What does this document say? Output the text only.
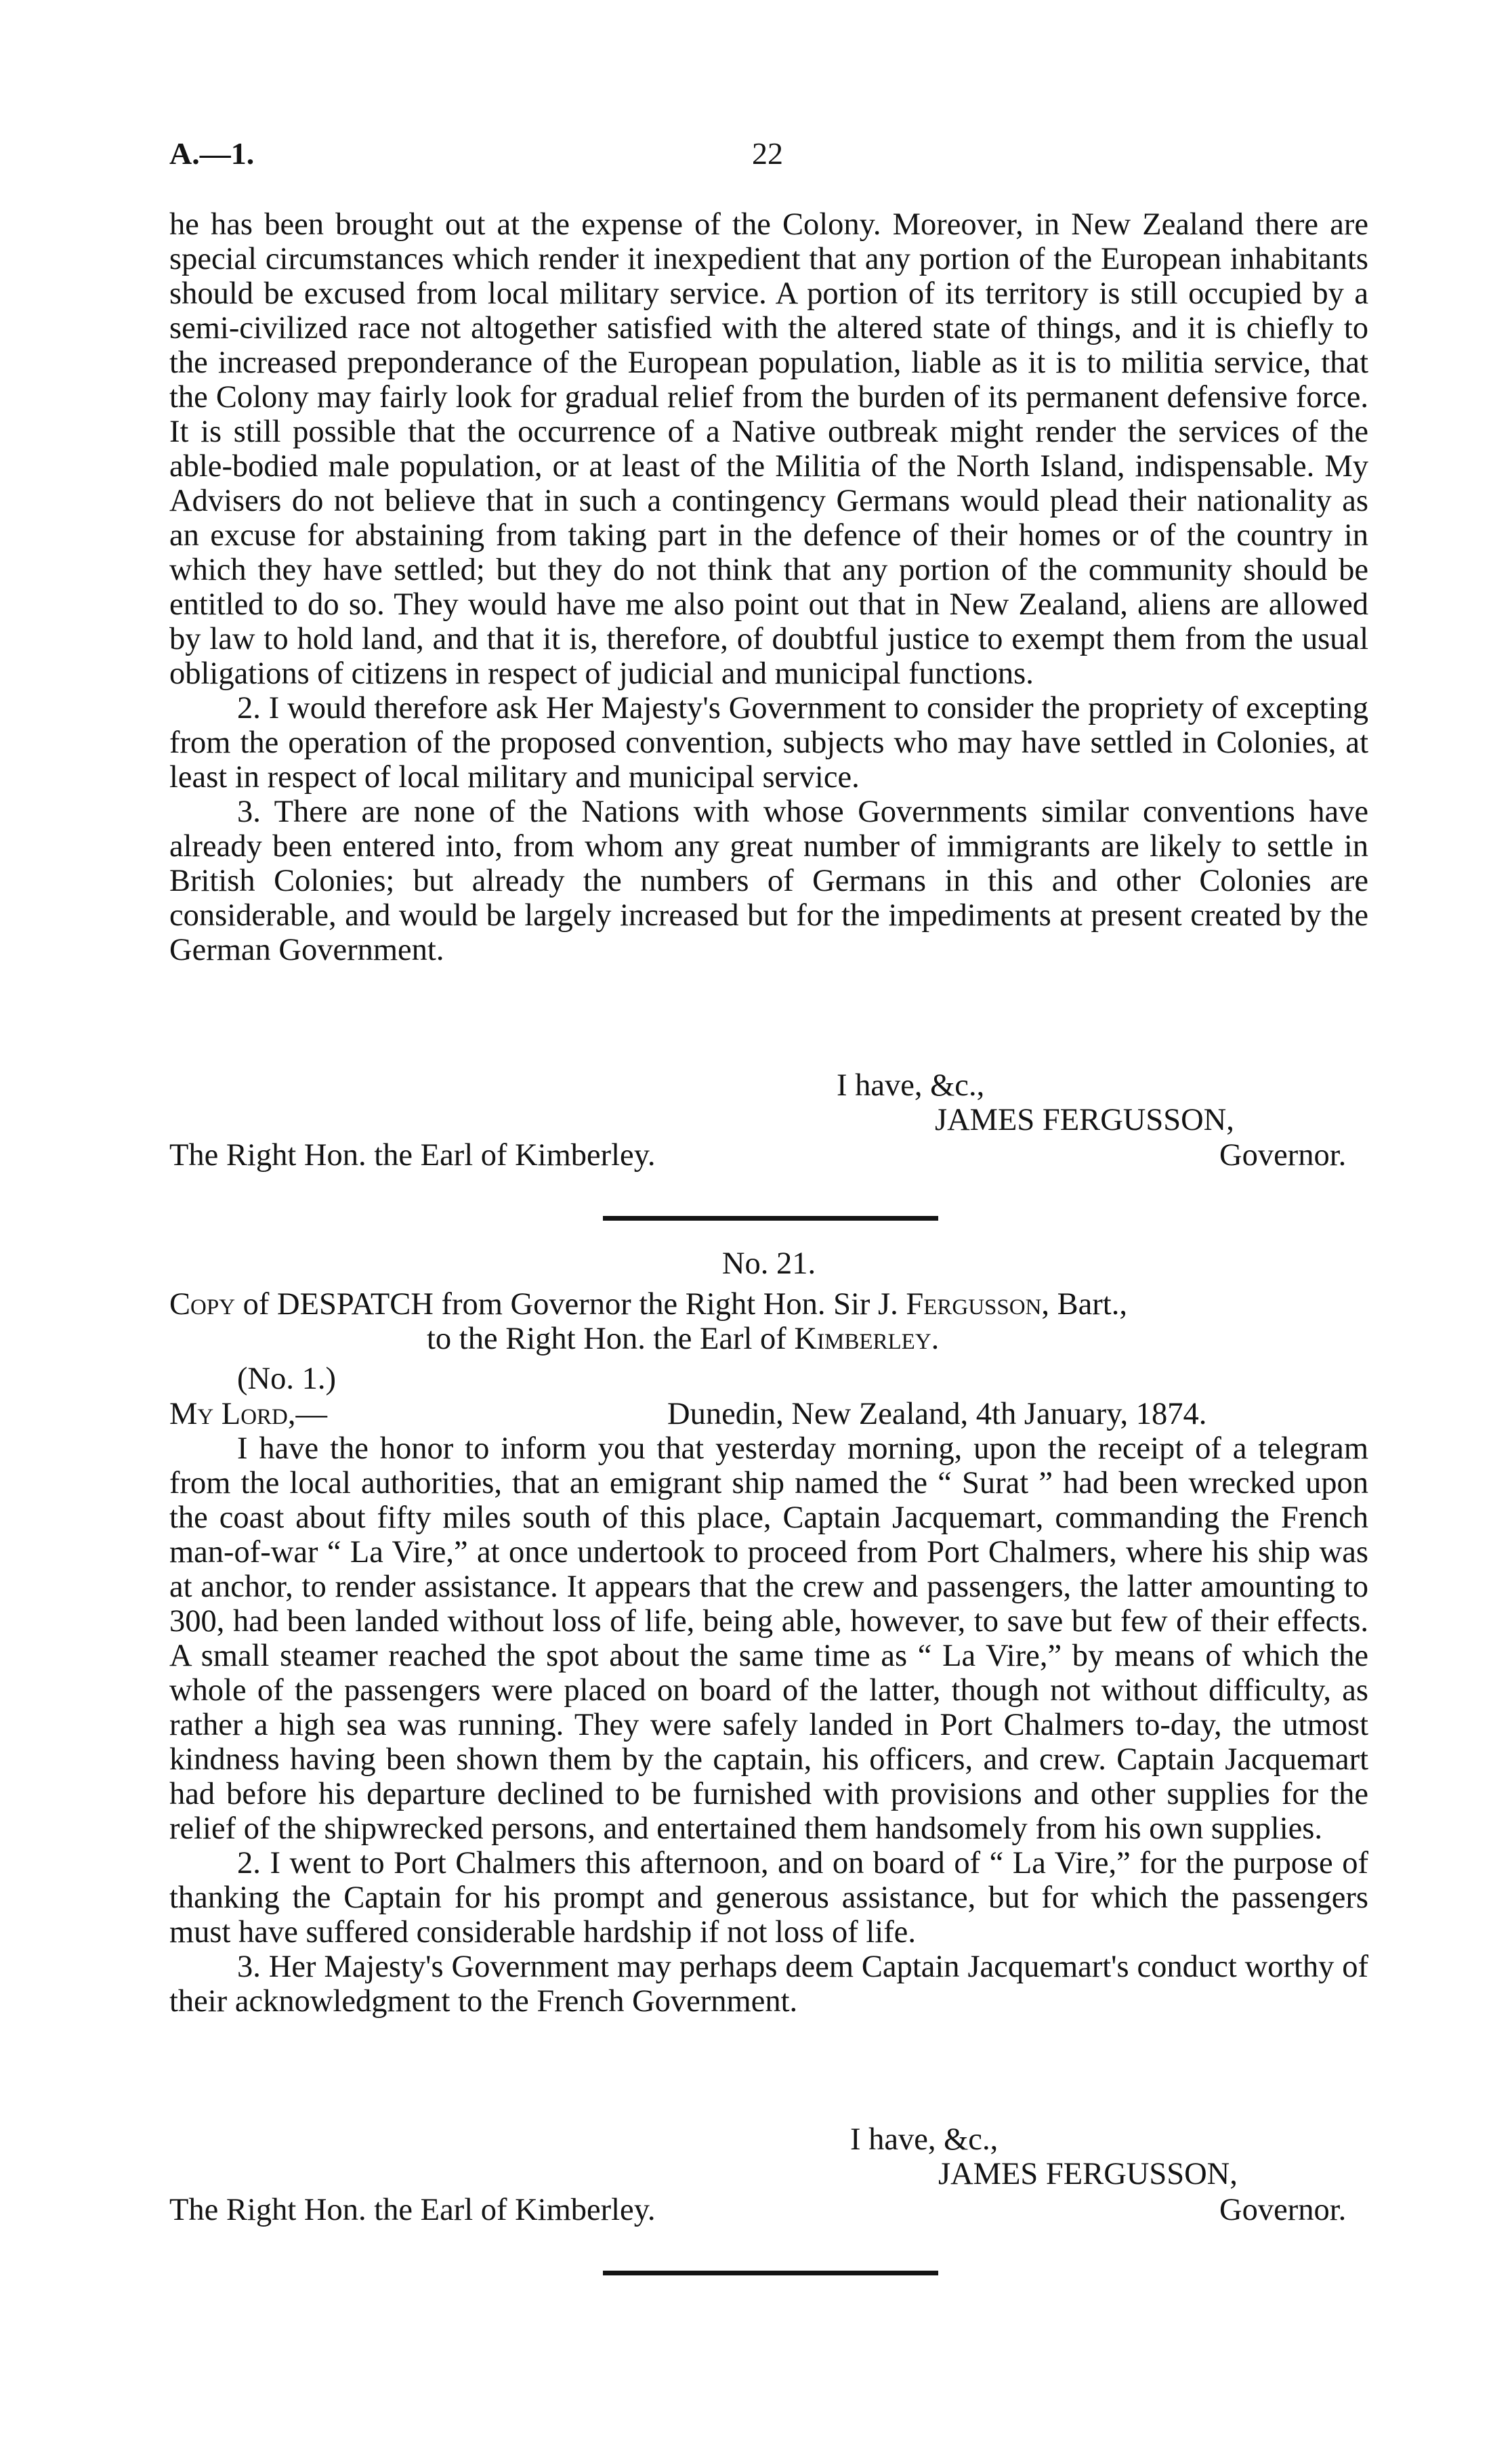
A.—1.	22

he has been brought out at the expense of the Colony. Moreover, in New Zealand there are special circumstances which render it inexpedient that any portion of the European inhabitants should be excused from local military service. A portion of its territory is still occupied by a semi-civilized race not altogether satisfied with the altered state of things, and it is chiefly to the increased preponderance of the European population, liable as it is to militia service, that the Colony may fairly look for gradual relief from the burden of its permanent defensive force. It is still possible that the occurrence of a Native outbreak might render the services of the able-bodied male population, or at least of the Militia of the North Island, indispensable. My Advisers do not believe that in such a contingency Germans would plead their nationality as an excuse for abstaining from taking part in the defence of their homes or of the country in which they have settled; but they do not think that any portion of the community should be entitled to do so. They would have me also point out that in New Zealand, aliens are allowed by law to hold land, and that it is, therefore, of doubtful justice to exempt them from the usual obligations of citizens in respect of judicial and municipal functions.

2. I would therefore ask Her Majesty's Government to consider the propriety of excepting from the operation of the proposed convention, subjects who may have settled in Colonies, at least in respect of local military and municipal service.

3. There are none of the Nations with whose Governments similar conventions have already been entered into, from whom any great number of immigrants are likely to settle in British Colonies; but already the numbers of Germans in this and other Colonies are considerable, and would be largely increased but for the impediments at present created by the German Government.

I have, &c.,
JAMES FERGUSSON,
The Right Hon. the Earl of Kimberley.	Governor.
No. 21.
Copy of DESPATCH from Governor the Right Hon. Sir J. Fergusson, Bart.,
to the Right Hon. the Earl of Kimberley.
(No. 1.)
My Lord,—	Dunedin, New Zealand, 4th January, 1874.

I have the honor to inform you that yesterday morning, upon the receipt of a telegram from the local authorities, that an emigrant ship named the “ Surat ” had been wrecked upon the coast about fifty miles south of this place, Captain Jacquemart, commanding the French man-of-war “ La Vire,” at once undertook to proceed from Port Chalmers, where his ship was at anchor, to render assistance. It appears that the crew and passengers, the latter amounting to 300, had been landed without loss of life, being able, however, to save but few of their effects. A small steamer reached the spot about the same time as “ La Vire,” by means of which the whole of the passengers were placed on board of the latter, though not without difficulty, as rather a high sea was running. They were safely landed in Port Chalmers to-day, the utmost kindness having been shown them by the captain, his officers, and crew. Captain Jacquemart had before his departure declined to be furnished with provisions and other supplies for the relief of the shipwrecked persons, and entertained them handsomely from his own supplies.

2. I went to Port Chalmers this afternoon, and on board of “ La Vire,” for the purpose of thanking the Captain for his prompt and generous assistance, but for which the passengers must have suffered considerable hardship if not loss of life.

3. Her Majesty's Government may perhaps deem Captain Jacquemart's conduct worthy of their acknowledgment to the French Government.

I have, &c.,
JAMES FERGUSSON,
The Right Hon. the Earl of Kimberley.	Governor.
